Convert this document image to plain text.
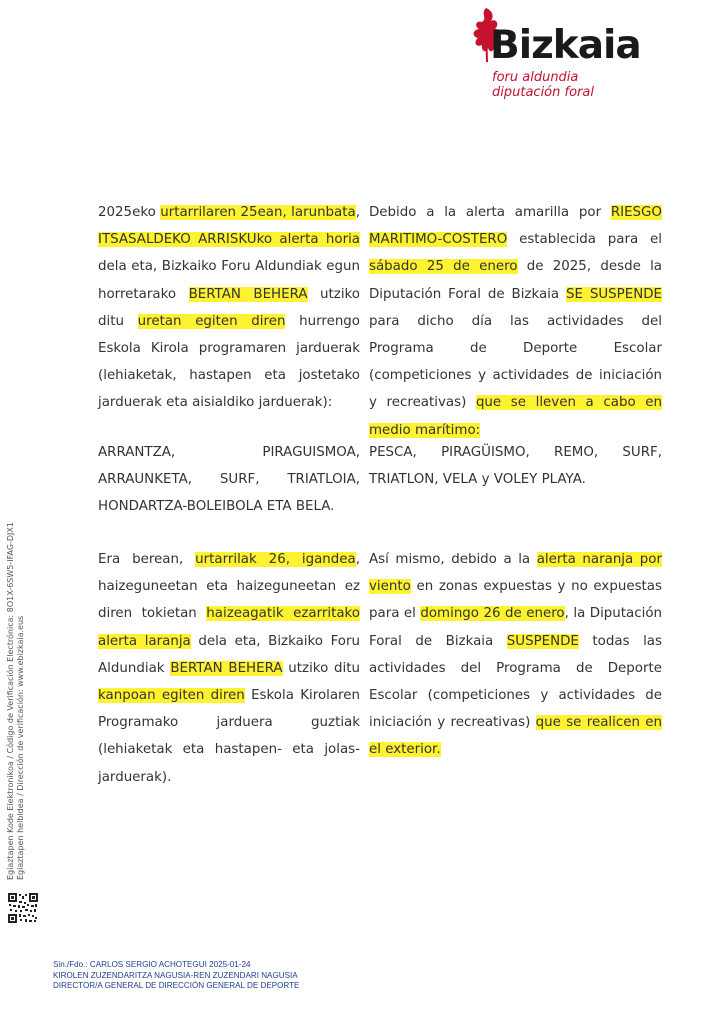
Bizkaia
foru aldundia
diputación foral
2025eko urtarrilaren 25ean, larunbata, ITSASALDEKO ARRISKUko alerta horia dela eta, Bizkaiko Foru Aldundiak egun horretarako BERTAN BEHERA utziko ditu uretan egiten diren hurrengo Eskola Kirola programaren jarduerak (lehiaketak, hastapen eta jostetako jarduerak eta aisialdiko jarduerak):
ARRANTZA, PIRAGUISMOA, ARRAUNKETA, SURF, TRIATLOIA, HONDARTZA-BOLEIBOLA ETA BELA.
Era berean, urtarrilak 26, igandea, haizeguneetan eta haizeguneetan ez diren tokietan haizeagatik ezarritako alerta laranja dela eta, Bizkaiko Foru Aldundiak BERTAN BEHERA utziko ditu kanpoan egiten diren Eskola Kirolaren Programako jarduera guztiak (lehiaketak eta hastapen- eta jolas-jarduerak).
Debido a la alerta amarilla por RIESGO MARITIMO-COSTERO establecida para el sábado 25 de enero de 2025, desde la Diputación Foral de Bizkaia SE SUSPENDE para dicho día las actividades del Programa de Deporte Escolar (competiciones y actividades de iniciación y recreativas) que se lleven a cabo en medio marítimo:
PESCA, PIRAGÜISMO, REMO, SURF, TRIATLON, VELA y VOLEY PLAYA.
Así mismo, debido a la alerta naranja por viento en zonas expuestas y no expuestas para el domingo 26 de enero, la Diputación Foral de Bizkaia SUSPENDE todas las actividades del Programa de Deporte Escolar (competiciones y actividades de iniciación y recreativas) que se realicen en el exterior.
Egiaztapen Kode Elektronikoa / Código de Verificación Electrónica: 8O1X-6SW5-IFAG-DJX1 Egiaztapen helbidea / Dirección de verificación: www.ebizkaia.eus
Sin./Fdo.: CARLOS SERGIO ACHOTEGUI 2025-01-24
KIROLEN ZUZENDARITZA NAGUSIA-REN ZUZENDARI NAGUSIA
DIRECTOR/A GENERAL DE DIRECCIÓN GENERAL DE DEPORTE
